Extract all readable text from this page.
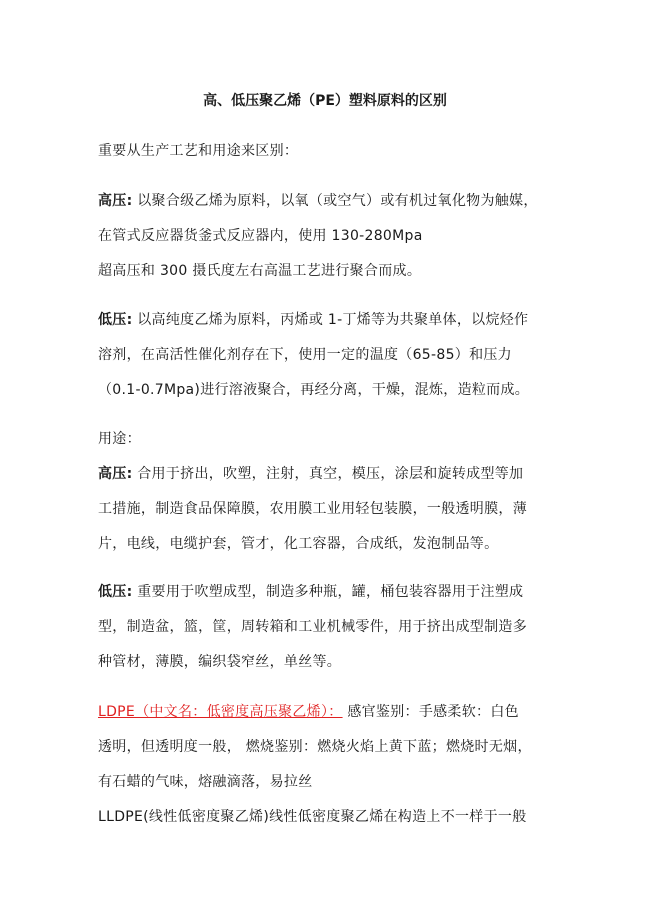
高、低压聚乙烯（PE）塑料原料的区别
重要从生产工艺和用途来区别：
高压: 以聚合级乙烯为原料，以氧（或空气）或有机过氧化物为触媒，
在管式反应器货釜式反应器内，使用 130-280Mpa
超高压和 300 摄氏度左右高温工艺进行聚合而成。
低压: 以高纯度乙烯为原料，丙烯或 1-丁烯等为共聚单体，以烷烃作
溶剂，在高活性催化剂存在下，使用一定的温度（65-85）和压力
（0.1-0.7Mpa)进行溶液聚合，再经分离，干燥，混炼，造粒而成。
用途：
高压: 合用于挤出，吹塑，注射，真空，模压，涂层和旋转成型等加
工措施，制造食品保障膜，农用膜工业用轻包装膜，一般透明膜，薄
片，电线，电缆护套，管才，化工容器，合成纸，发泡制品等。
低压: 重要用于吹塑成型，制造多种瓶，罐，桶包装容器用于注塑成
型，制造盆，篮，筐，周转箱和工业机械零件，用于挤出成型制造多
种管材，薄膜，编织袋窄丝，单丝等。
LDPE（中文名：低密度高压聚乙烯）： 感官鉴别：手感柔软：白色
透明，但透明度一般， 燃烧鉴别：燃烧火焰上黄下蓝；燃烧时无烟，
有石蜡的气味，熔融滴落，易拉丝
LLDPE(线性低密度聚乙烯)线性低密度聚乙烯在构造上不一样于一般
